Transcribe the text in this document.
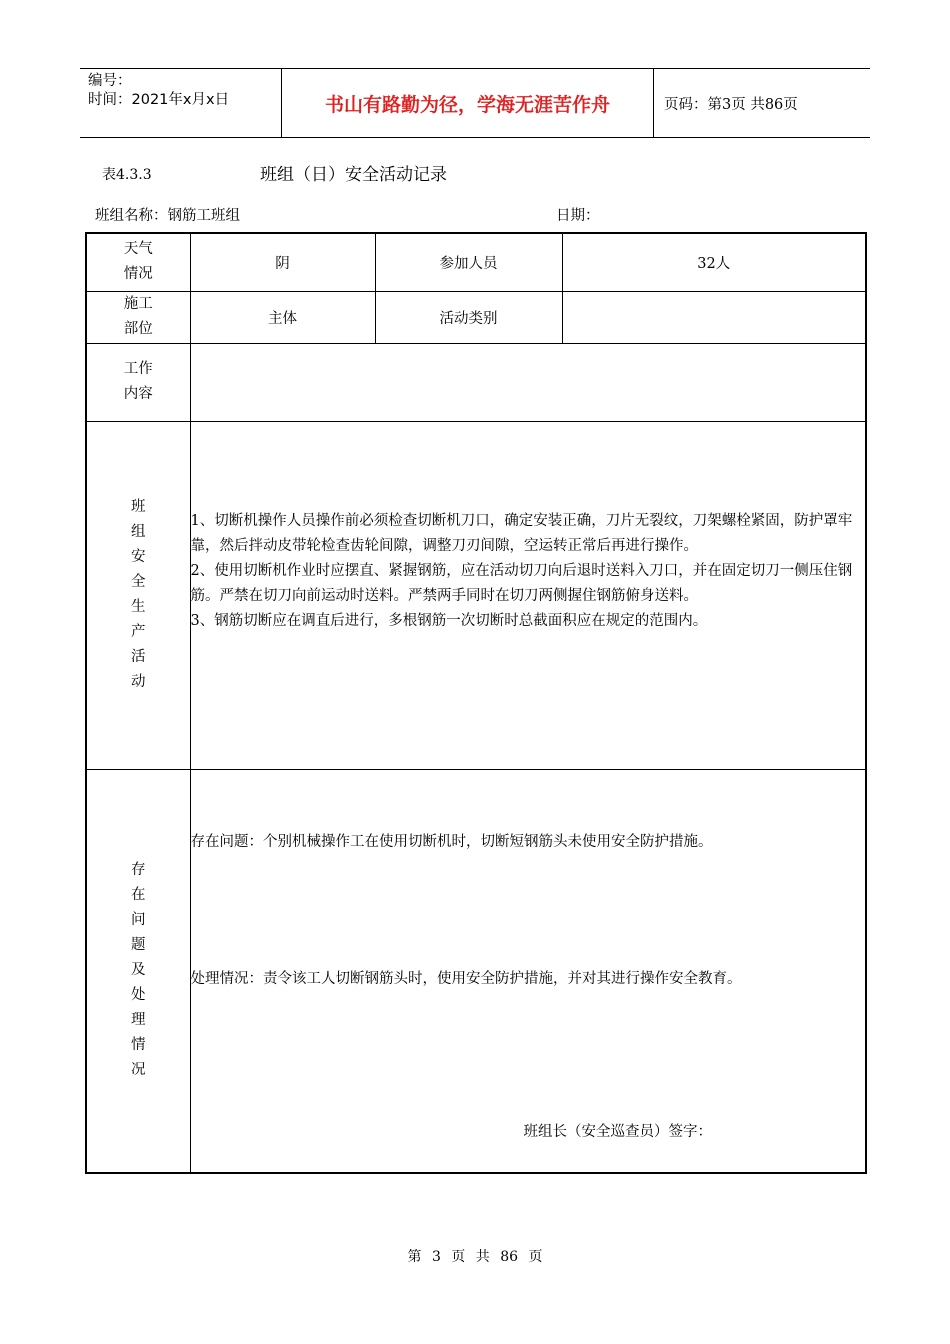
编号：
时间：2021年x月x日	书山有路勤为径，学海无涯苦作舟	页码：第3页 共86页
表4.3.3	班组（日）安全活动记录
班组名称：钢筋工班组	日期：
天气情况	阴	参加人员	32人
施工部位	主体	活动类别	
工作内容			
班组安全生产活动	1、切断机操作人员操作前必须检查切断机刀口，确定安装正确，刀片无裂纹，刀架螺栓紧固，防护罩牢靠，然后拌动皮带轮检查齿轮间隙，调整刀刃间隙，空运转正常后再进行操作。
2、使用切断机作业时应摆直、紧握钢筋，应在活动切刀向后退时送料入刀口，并在固定切刀一侧压住钢筋。严禁在切刀向前运动时送料。严禁两手同时在切刀两侧握住钢筋俯身送料。
3、钢筋切断应在调直后进行，多根钢筋一次切断时总截面积应在规定的范围内。		

存在问题及处理情况	存在问题：个别机械操作工在使用切断机时，切断短钢筋头未使用安全防护措施。
处理情况：责令该工人切断钢筋头时，使用安全防护措施，并对其进行操作安全教育。
班组长（安全巡查员）签字：		
第 3 页 共 86 页
